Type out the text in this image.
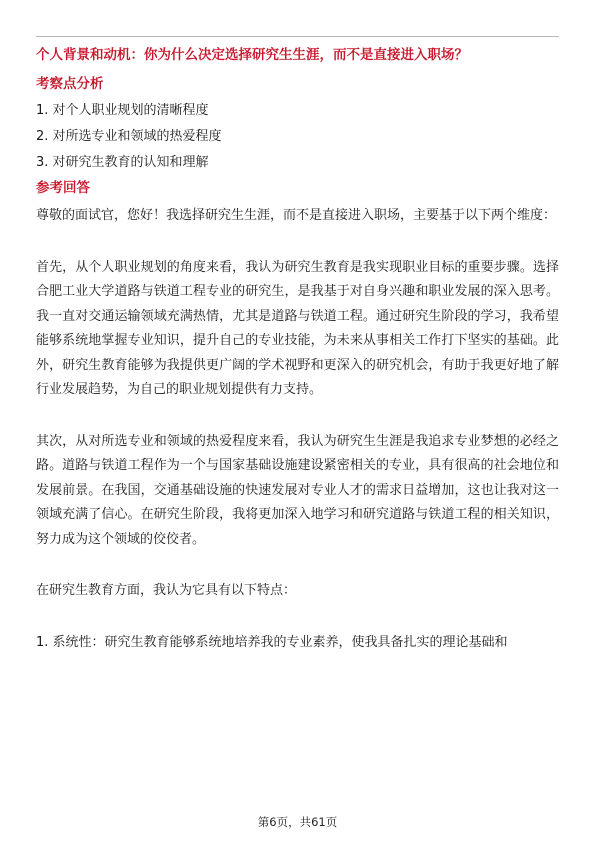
个人背景和动机：你为什么决定选择研究生生涯，而不是直接进入职场？
考察点分析

1. 对个人职业规划的清晰程度

2. 对所选专业和领域的热爱程度

3. 对研究生教育的认知和理解

参考回答

尊敬的面试官，您好！我选择研究生生涯，而不是直接进入职场，主要基于以下两个维度：

首先，从个人职业规划的角度来看，我认为研究生教育是我实现职业目标的重要步骤。选择合肥工业大学道路与铁道工程专业的研究生，是我基于对自身兴趣和职业发展的深入思考。我一直对交通运输领域充满热情，尤其是道路与铁道工程。通过研究生阶段的学习，我希望能够系统地掌握专业知识，提升自己的专业技能，为未来从事相关工作打下坚实的基础。此外，研究生教育能够为我提供更广阔的学术视野和更深入的研究机会，有助于我更好地了解行业发展趋势，为自己的职业规划提供有力支持。

其次，从对所选专业和领域的热爱程度来看，我认为研究生生涯是我追求专业梦想的必经之路。道路与铁道工程作为一个与国家基础设施建设紧密相关的专业，具有很高的社会地位和发展前景。在我国，交通基础设施的快速发展对专业人才的需求日益增加，这也让我对这一领域充满了信心。在研究生阶段，我将更加深入地学习和研究道路与铁道工程的相关知识，努力成为这个领域的佼佼者。

在研究生教育方面，我认为它具有以下特点：

1. 系统性：研究生教育能够系统地培养我的专业素养，使我具备扎实的理论基础和

第6页，共61页
